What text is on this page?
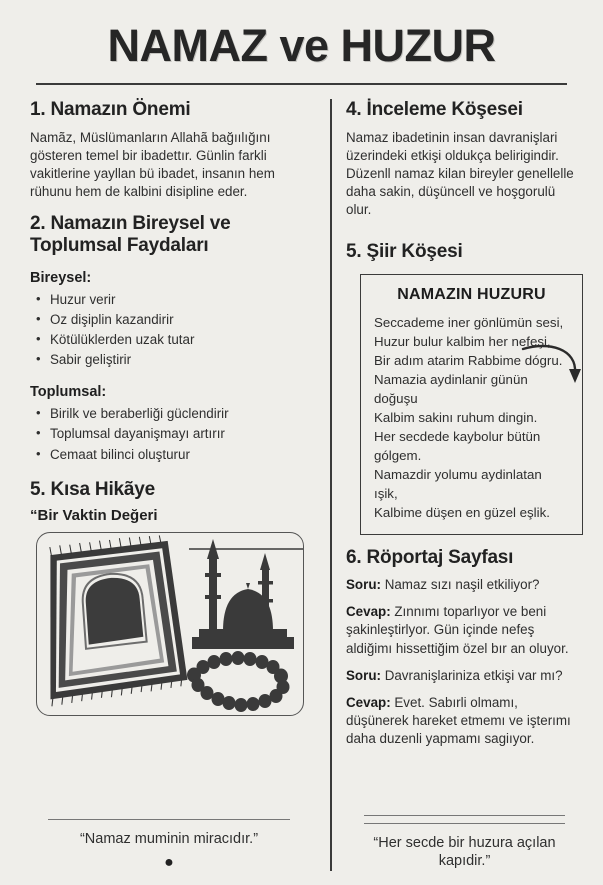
NAMAZ ve HUZUR
1. Namazın Önemi

Namãz, Müslümanların Allahã bağıılığını gösteren temel bir ibadettır. Günlin farkli vakitlerine yayllan bü ibadet, insanın hem rühunu hem de kalbini disipline eder.

2. Namazın Bireysel ve Toplumsal Faydaları
Bireysel:
• Huzur verir
• Oz dişiplin kazandirir
• Kötülüklerden uzak tutar
• Sabir geliştirir
Toplumsal:
• Birilk ve beraberliği güclendirir
• Toplumsal dayanişmayı artırır
• Cemaat bilinci oluşturur
5. Kısa Hikãye
“Bir Vaktin Değeri
“Namaz muminin miracıdır.”
●
4. İnceleme Köşesei

Namaz ibadetinin insan davranişlari üzerindeki etkişi oldukça belirigindir. Düzenll namaz kilan bireyler genellelle daha sakin, düşüncell ve hoşgorulü olur.

5. Şiir Köşesi
NAMAZIN HUZURU
Seccademe iner gönlümün sesi,
Huzur bulur kalbim her nefeşi,
Bir adım atarim Rabbime dógru.
Namazia aydinlanir günün doğuşu
Kalbim sakinı ruhum dingin.
Her secdede kaybolur bütün
gólgem.
Namazdir yolumu aydinlatan ışik,
Kalbime düşen en güzel eşlik.
6. Röportaj Sayfası

Soru: Namaz sızı naşil etkiliyor?

Cevap: Zınnımı toparlıyor ve beni şakinleştirlyor. Gün içinde nefeş aldiğimı hissettiğim özel bır an oluyor.

Soru: Davranişlariniza etkişi var mı?

Cevap: Evet. Sabırli olmamı, düşünerek hareket etmemı ve işterımı daha duzenli yapmamı sagiıyor.

“Her secde bir huzura açılan kapıdir.”
